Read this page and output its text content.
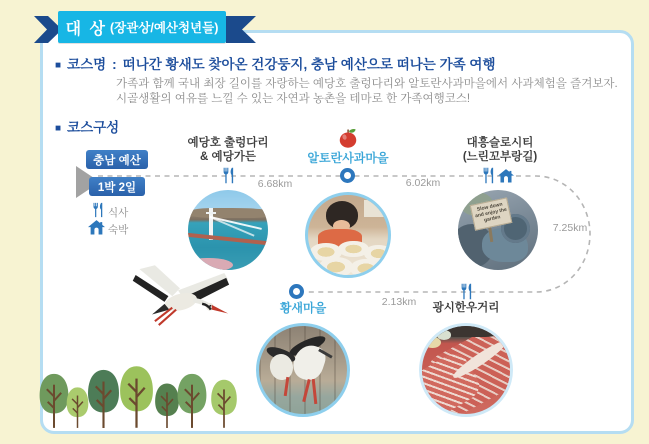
대 상 (장관상/예산청년들)
■ 코스명 : 떠나간 황새도 찾아온 건강둥지, 충남 예산으로 떠나는 가족 여행
가족과 함께 국내 최장 길이를 자랑하는 예당호 출렁다리와 알토란사과마을에서 사과체험을 즐겨보자.
시골생활의 여유를 느낄 수 있는 자연과 농촌을 테마로 한 가족여행코스!
■ 코스구성
충남 예산
1박 2일
식사
숙박
예당호 출렁다리
& 예당가든
6.68km
알토란사과마을
6.02km
대흥슬로시티
(느린꼬부랑길)
Slow down and enjoy the garden
7.25km
황새마을	2.13km	광시한우거리
